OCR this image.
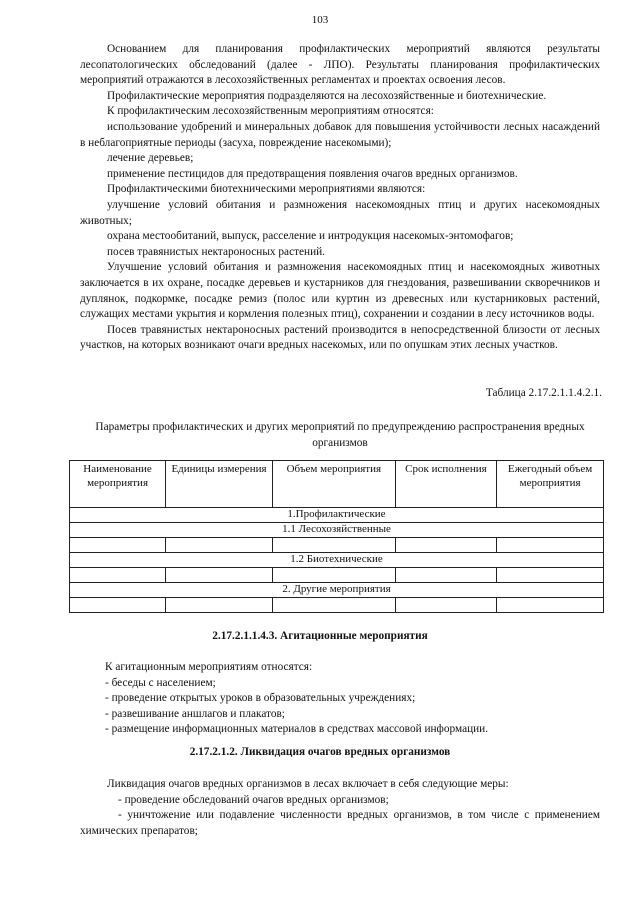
103

Основанием для планирования профилактических мероприятий являются результаты лесопатологических обследований (далее - ЛПО). Результаты планирования профилактических мероприятий отражаются в лесохозяйственных регламентах и проектах освоения лесов.

Профилактические мероприятия подразделяются на лесохозяйственные и биотехнические.

К профилактическим лесохозяйственным мероприятиям относятся:

использование удобрений и минеральных добавок для повышения устойчивости лесных насаждений в неблагоприятные периоды (засуха, повреждение насекомыми);

лечение деревьев;

применение пестицидов для предотвращения появления очагов вредных организмов.

Профилактическими биотехническими мероприятиями являются:

улучшение условий обитания и размножения насекомоядных птиц и других насекомоядных животных;

охрана местообитаний, выпуск, расселение и интродукция насекомых-энтомофагов;

посев травянистых нектароносных растений.

Улучшение условий обитания и размножения насекомоядных птиц и насекомоядных животных заключается в их охране, посадке деревьев и кустарников для гнездования, развешивании скворечников и дуплянок, подкормке, посадке ремиз (полос или куртин из древесных или кустарниковых растений, служащих местами укрытия и кормления полезных птиц), сохранении и создании в лесу источников воды.

Посев травянистых нектароносных растений производится в непосредственной близости от лесных участков, на которых возникают очаги вредных насекомых, или по опушкам этих лесных участков.

Таблица 2.17.2.1.1.4.2.1.
Параметры профилактических и других мероприятий по предупреждению распространения вредных организмов
Наименование мероприятия	Единицы измерения	Объем мероприятия	Срок исполнения	Ежегодный объем мероприятия
1.Профилактические				
1.1 Лесохозяйственные				

1.2 Биотехнические				

2. Другие мероприятия				

2.17.2.1.1.4.3. Агитационные мероприятия

К агитационным мероприятиям относятся:

- беседы с населением;

- проведение открытых уроков в образовательных учреждениях;

- развешивание аншлагов и плакатов;

- размещение информационных материалов в средствах массовой информации.

2.17.2.1.2. Ликвидация очагов вредных организмов

Ликвидация очагов вредных организмов в лесах включает в себя следующие меры:

- проведение обследований очагов вредных организмов;

- уничтожение или подавление численности вредных организмов, в том числе с применением химических препаратов;
